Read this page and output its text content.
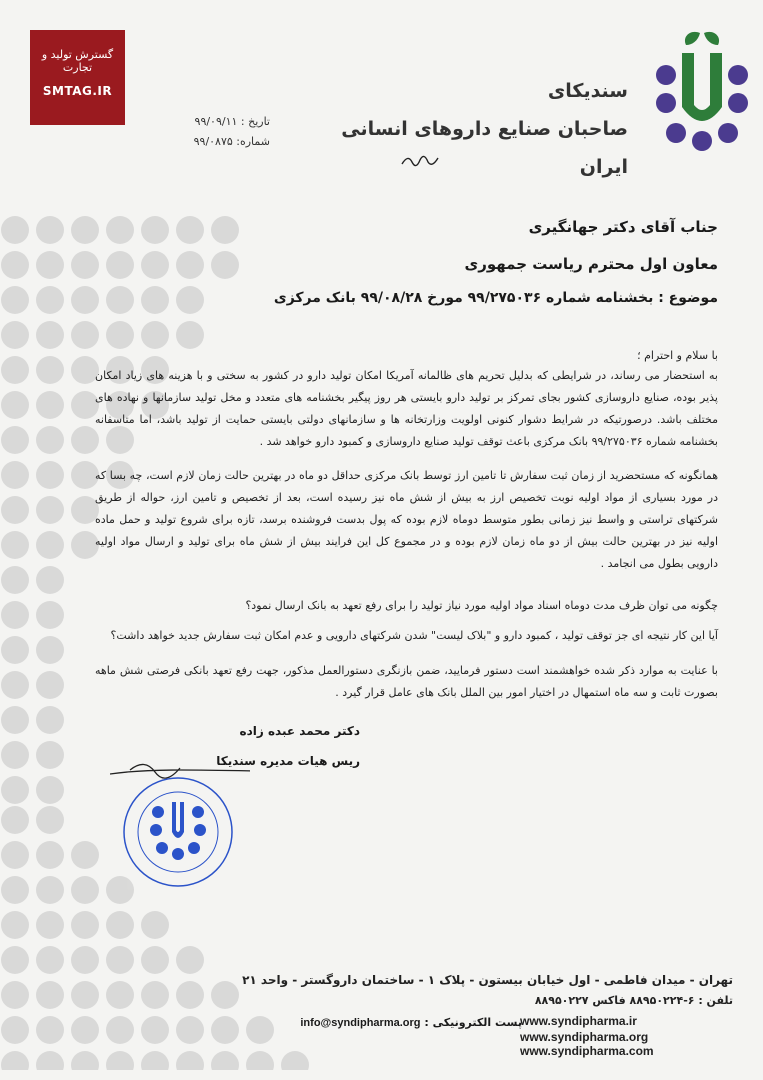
گسترش تولید و تجارت
SMTAG.IR	سندیکای
صاحبان صنایع داروهای انسانی
ایران
تاریخ : ۹۹/۰۹/۱۱
شماره: ۹۹/۰۸۷۵
جناب آقای دکتر جهانگیری
معاون اول محترم ریاست جمهوری
موضوع : بخشنامه شماره ۹۹/۲۷۵۰۳۶ مورخ ۹۹/۰۸/۲۸ بانک مرکزی
با سلام و احترام ؛
به استحضار می رساند، در شرایطی که بدلیل تحریم های ظالمانه آمریکا امکان تولید دارو در کشور به سختی و با هزینه های زیاد امکان پذیر بوده، صنایع داروسازی کشور بجای تمرکز بر تولید دارو بایستی هر روز پیگیر بخشنامه های متعدد و مخل تولید سازمانها و نهاده های مختلف باشد. درصورتیکه در شرایط دشوار کنونی اولویت وزارتخانه ها و سازمانهای دولتی بایستی حمایت از تولید باشد، اما متاسفانه بخشنامه شماره ۹۹/۲۷۵۰۳۶ بانک مرکزی باعث توقف تولید صنایع داروسازی و کمبود دارو خواهد شد .
همانگونه که مستحضرید از زمان ثبت سفارش تا تامین ارز توسط بانک مرکزی حداقل دو ماه در بهترین حالت زمان لازم است، چه بسا که در مورد بسیاری از مواد اولیه نوبت تخصیص ارز به بیش از شش ماه نیز رسیده است، بعد از تخصیص و تامین ارز، حواله از طریق شرکتهای تراستی و واسط نیز زمانی بطور متوسط دوماه لازم بوده که پول بدست فروشنده برسد، تازه برای شروع تولید و حمل ماده اولیه نیز در بهترین حالت بیش از دو ماه زمان لازم بوده و در مجموع کل این فرایند بیش از شش ماه برای تولید و ارسال مواد اولیه دارویی بطول می انجامد .
چگونه می توان ظرف مدت دوماه اسناد مواد اولیه مورد نیاز تولید را برای رفع تعهد به بانک ارسال نمود؟
آیا این کار نتیجه ای جز توقف تولید ، کمبود دارو و "بلاک لیست" شدن شرکتهای دارویی و عدم امکان ثبت سفارش جدید خواهد داشت؟
با عنایت به موارد ذکر شده خواهشمند است دستور فرمایید، ضمن بازنگری دستورالعمل مذکور، جهت رفع تعهد بانکی فرصتی شش ماهه بصورت ثابت و سه ماه استمهال در اختیار امور بین الملل بانک های عامل قرار گیرد .
دکتر محمد عبده زاده
ریس هیات مدیره سندیکا
تهران - میدان فاطمی - اول خیابان بیستون - پلاک ۱ - ساختمان داروگستر - واحد ۲۱
تلفن : ۶-۸۸۹۵۰۲۲۴ فاکس ۸۸۹۵۰۲۲۷
پست الکترونیکی : info@syndipharma.org	www.syndipharma.ir
www.syndipharma.org
www.syndipharma.com
